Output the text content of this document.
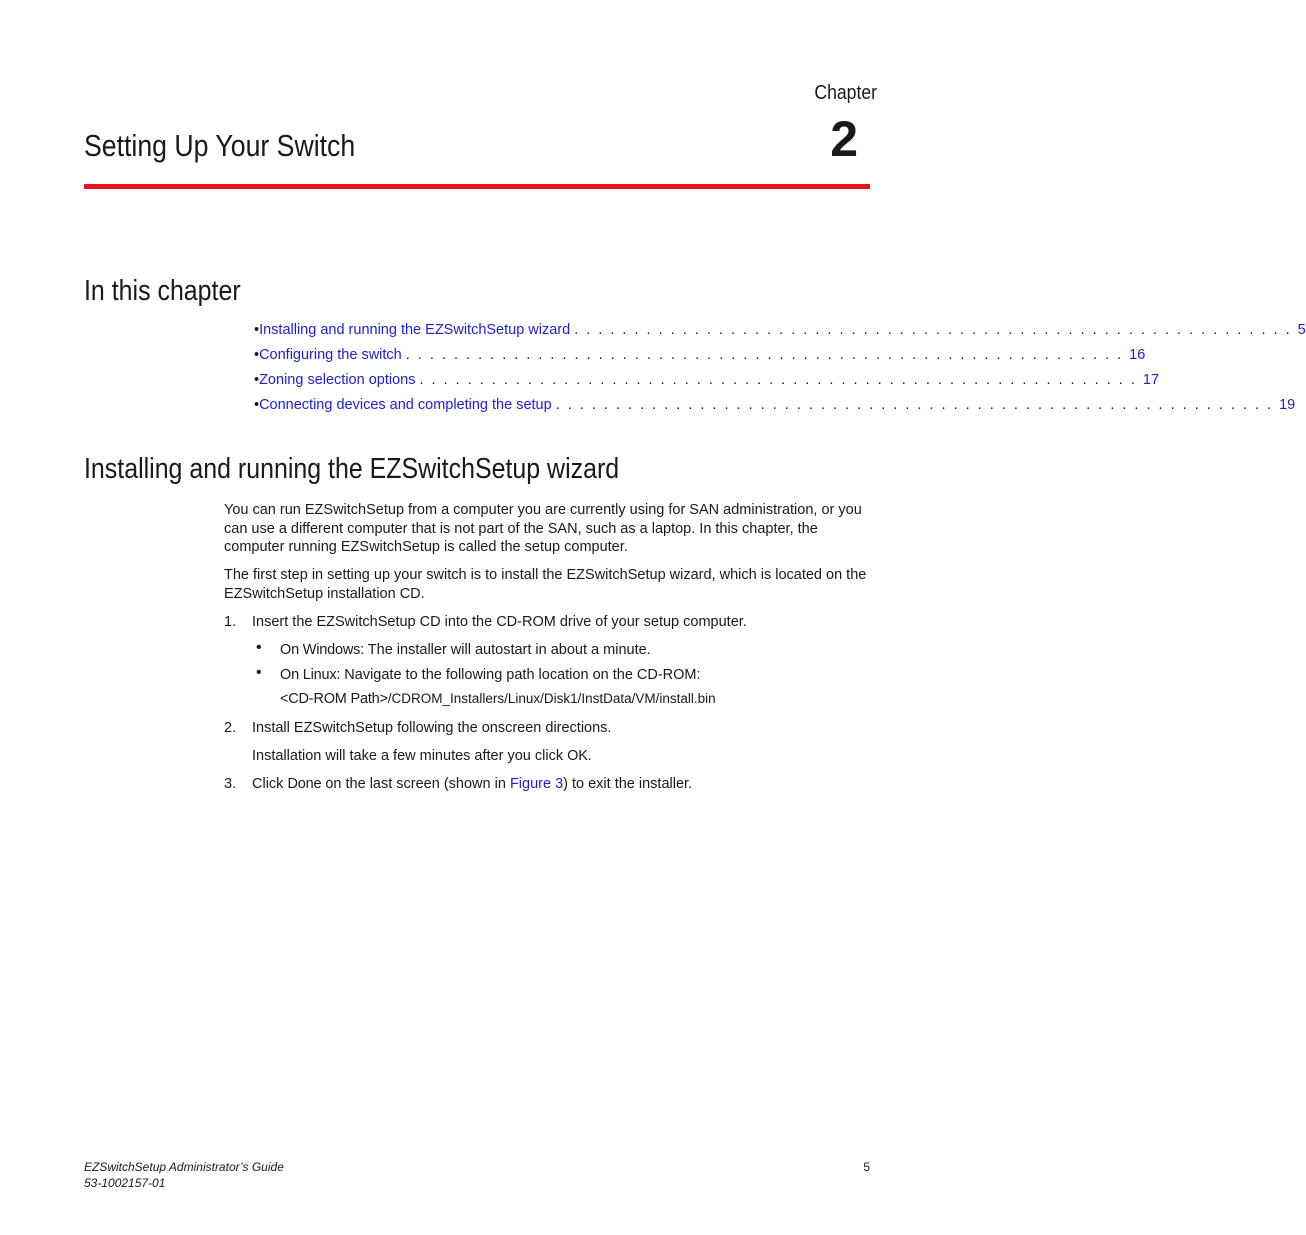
Chapter
2
Setting Up Your Switch
In this chapter
• Installing and running the EZSwitchSetup wizard . . . . . . . . . . . . . . . . . . . . . . . . . . . . . . . . . . . . . . . . . . . . . . . . . . . . . . . . . . . . 5
• Configuring the switch . . . . . . . . . . . . . . . . . . . . . . . . . . . . . . . . . . . . . . . . . . . . . . . . . . . . . . . . . . . . 16
• Zoning selection options . . . . . . . . . . . . . . . . . . . . . . . . . . . . . . . . . . . . . . . . . . . . . . . . . . . . . . . . . . . . 17
• Connecting devices and completing the setup . . . . . . . . . . . . . . . . . . . . . . . . . . . . . . . . . . . . . . . . . . . . . . . . . . . . . . . . . . . . 19
Installing and running the EZSwitchSetup wizard
You can run EZSwitchSetup from a computer you are currently using for SAN administration, or you can use a different computer that is not part of the SAN, such as a laptop. In this chapter, the computer running EZSwitchSetup is called the setup computer.
The first step in setting up your switch is to install the EZSwitchSetup wizard, which is located on the EZSwitchSetup installation CD.
1. Insert the EZSwitchSetup CD into the CD-ROM drive of your setup computer.
• On Windows: The installer will autostart in about a minute.
• On Linux: Navigate to the following path location on the CD-ROM:
<CD-ROM Path>/CDROM_Installers/Linux/Disk1/InstData/VM/install.bin
2. Install EZSwitchSetup following the onscreen directions.
Installation will take a few minutes after you click OK.
3. Click Done on the last screen (shown in Figure 3) to exit the installer.
EZSwitchSetup Administrator’s Guide
53-1002157-01
5
